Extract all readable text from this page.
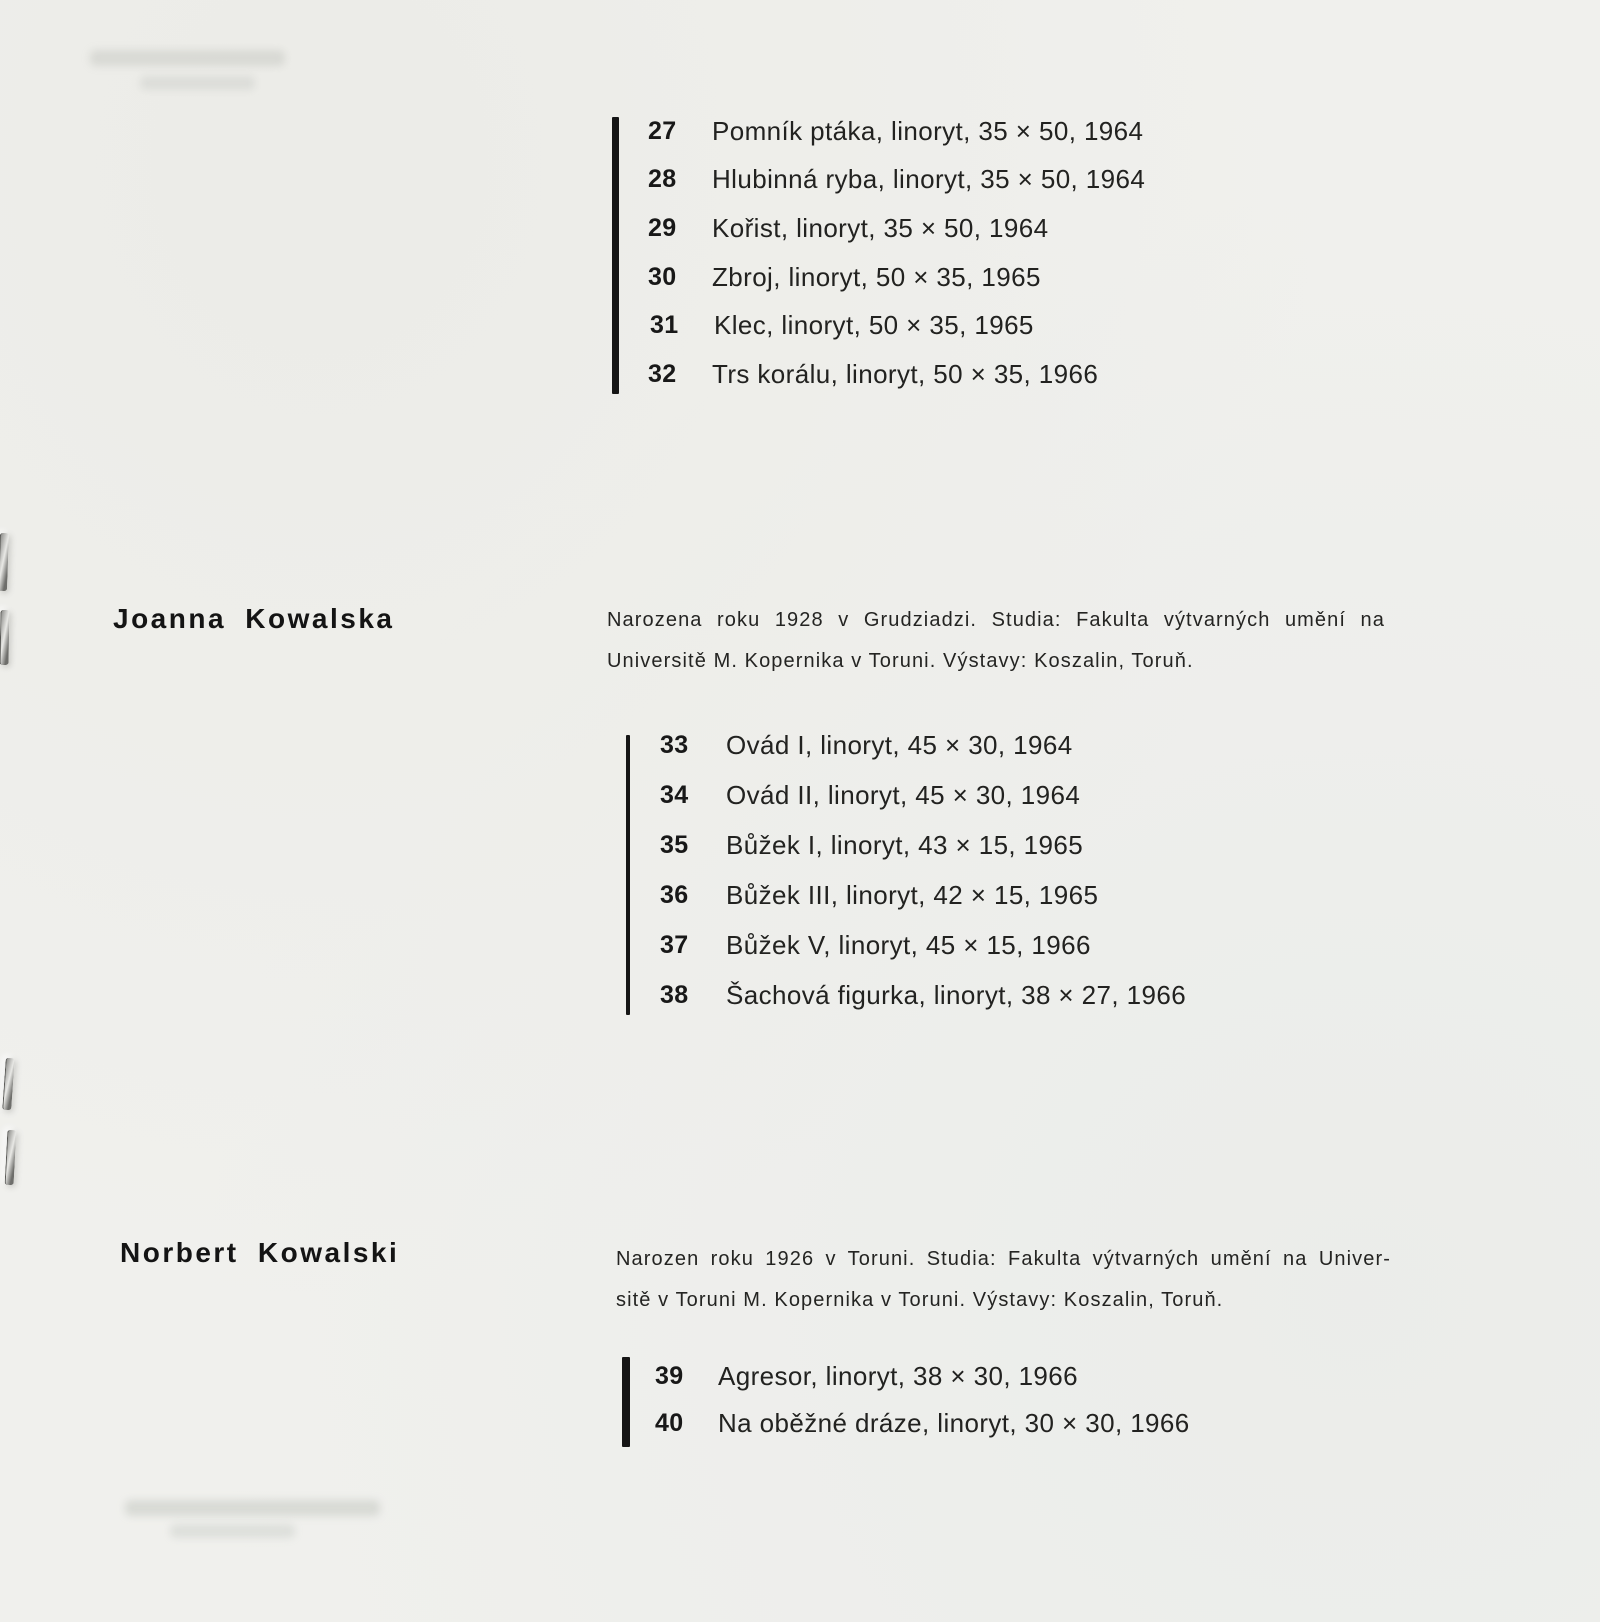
27	Pomník ptáka, linoryt, 35 × 50, 1964
28	Hlubinná ryba, linoryt, 35 × 50, 1964
29	Kořist, linoryt, 35 × 50, 1964
30	Zbroj, linoryt, 50 × 35, 1965
31	Klec, linoryt, 50 × 35, 1965
32	Trs korálu, linoryt, 50 × 35, 1966
Joanna Kowalska	Narozena roku 1928 v Grudziadzi. Studia: Fakulta výtvarných umění na
Universitě M. Kopernika v Toruni. Výstavy: Koszalin, Toruň.
33	Ovád I, linoryt, 45 × 30, 1964
34	Ovád II, linoryt, 45 × 30, 1964
35	Bůžek I, linoryt, 43 × 15, 1965
36	Bůžek III, linoryt, 42 × 15, 1965
37	Bůžek V, linoryt, 45 × 15, 1966
38	Šachová figurka, linoryt, 38 × 27, 1966
Norbert Kowalski	Narozen roku 1926 v Toruni. Studia: Fakulta výtvarných umění na Univer-
sitě v Toruni M. Kopernika v Toruni. Výstavy: Koszalin, Toruň.
39	Agresor, linoryt, 38 × 30, 1966
40	Na oběžné dráze, linoryt, 30 × 30, 1966
